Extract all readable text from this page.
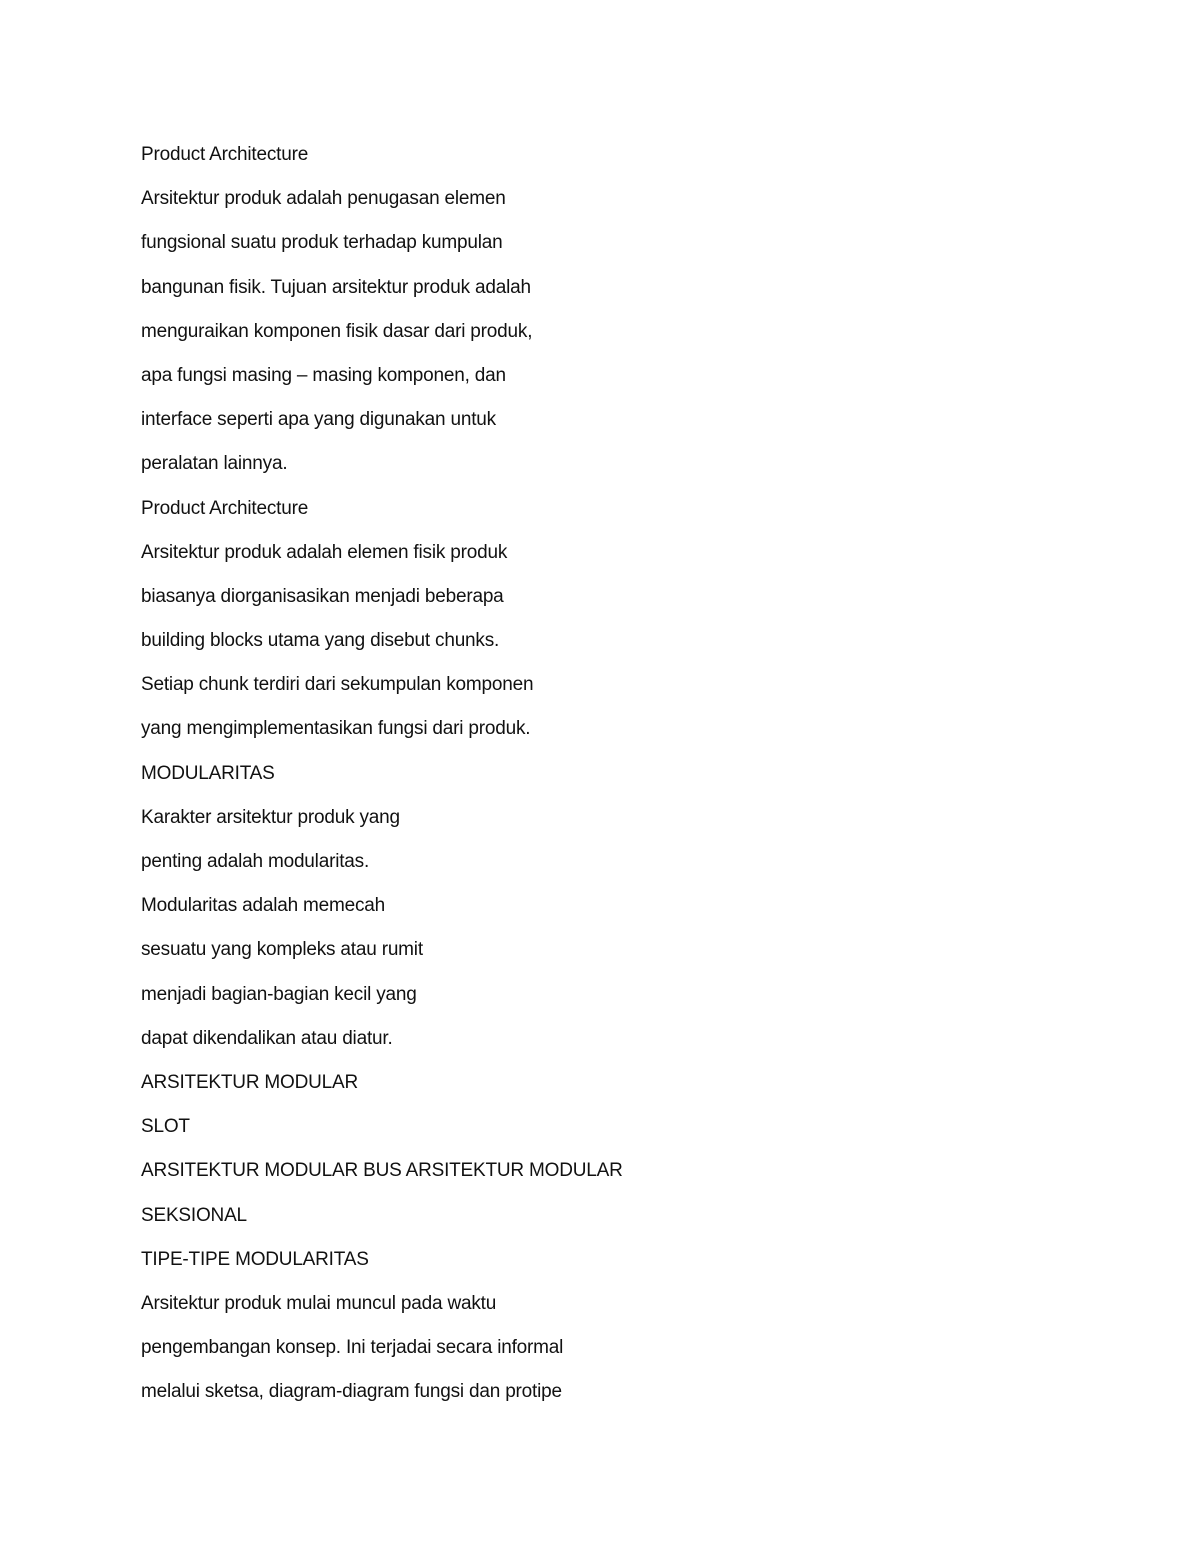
Product Architecture
Arsitektur produk adalah penugasan elemen
fungsional suatu produk terhadap kumpulan
bangunan fisik. Tujuan arsitektur produk adalah
menguraikan komponen fisik dasar dari produk,
apa fungsi masing – masing komponen, dan
interface seperti apa yang digunakan untuk
peralatan lainnya.
Product Architecture
Arsitektur produk adalah elemen fisik produk
biasanya diorganisasikan menjadi beberapa
building blocks utama yang disebut chunks.
Setiap chunk terdiri dari sekumpulan komponen
yang mengimplementasikan fungsi dari produk.
MODULARITAS
Karakter arsitektur produk yang
penting adalah modularitas.
Modularitas adalah memecah
sesuatu yang kompleks atau rumit
menjadi bagian-bagian kecil yang
dapat dikendalikan atau diatur.
ARSITEKTUR MODULAR
SLOT
ARSITEKTUR MODULAR BUS ARSITEKTUR MODULAR
SEKSIONAL
TIPE-TIPE MODULARITAS
Arsitektur produk mulai muncul pada waktu
pengembangan konsep. Ini terjadai secara informal
melalui sketsa, diagram-diagram fungsi dan protipe
